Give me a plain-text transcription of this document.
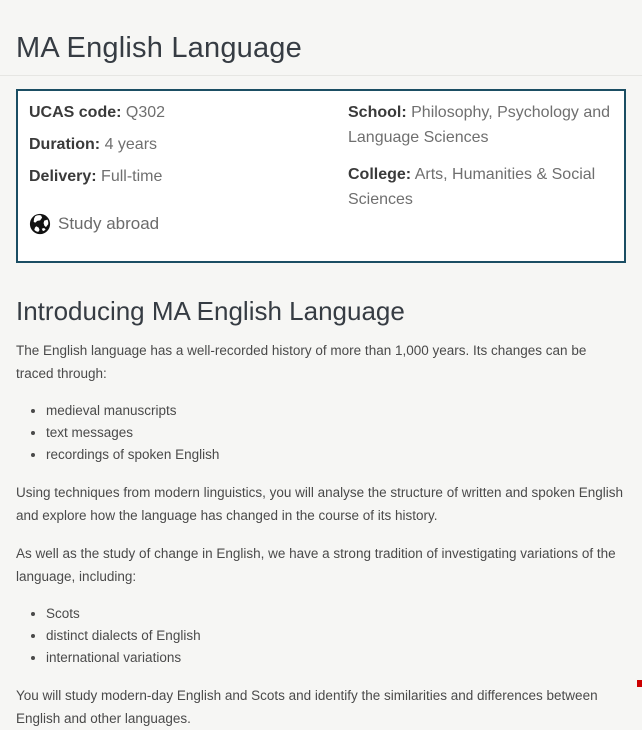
MA English Language

UCAS code: Q302

Duration: 4 years

Delivery: Full-time

Study abroad

School: Philosophy, Psychology and Language Sciences

College: Arts, Humanities & Social Sciences

Introducing MA English Language

The English language has a well-recorded history of more than 1,000 years. Its changes can be traced through:

• medieval manuscripts
• text messages
• recordings of spoken English

Using techniques from modern linguistics, you will analyse the structure of written and spoken English and explore how the language has changed in the course of its history.

As well as the study of change in English, we have a strong tradition of investigating variations of the language, including:

• Scots
• distinct dialects of English
• international variations

You will study modern-day English and Scots and identify the similarities and differences between English and other languages.
